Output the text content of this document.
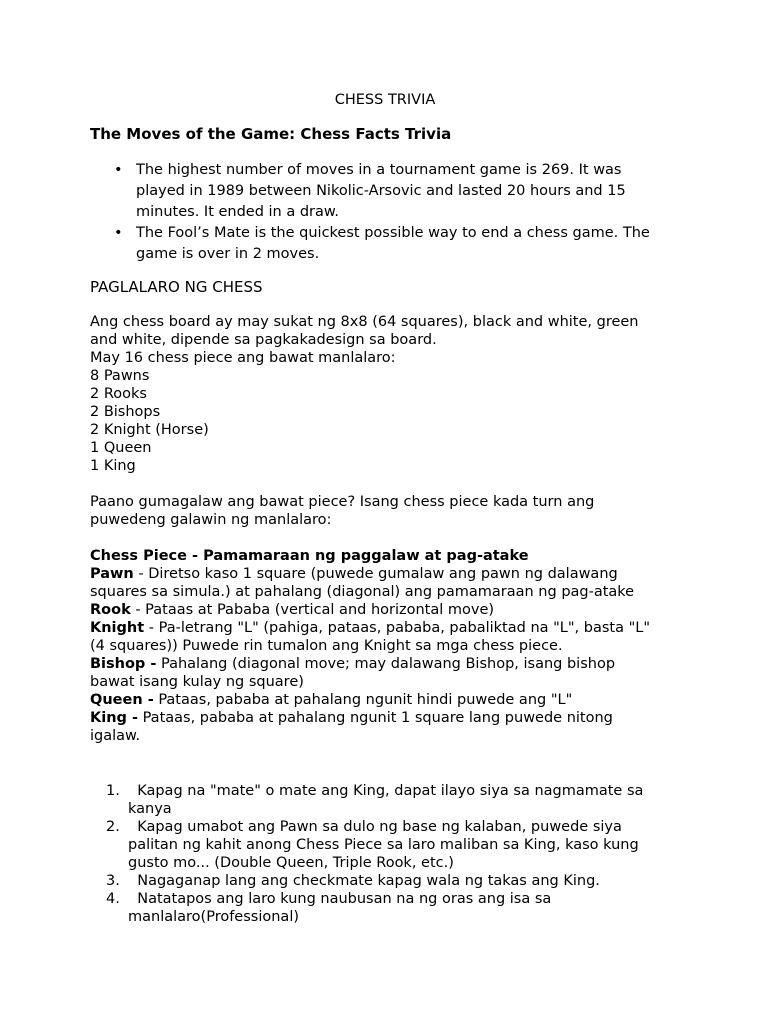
CHESS TRIVIA
The Moves of the Game: Chess Facts Trivia
• The highest number of moves in a tournament game is 269. It was
played in 1989 between Nikolic-Arsovic and lasted 20 hours and 15
minutes. It ended in a draw.
• The Fool’s Mate is the quickest possible way to end a chess game. The
game is over in 2 moves.
PAGLALARO NG CHESS
Ang chess board ay may sukat ng 8x8 (64 squares), black and white, green
and white, dipende sa pagkakadesign sa board.
May 16 chess piece ang bawat manlalaro:
8 Pawns
2 Rooks
2 Bishops
2 Knight (Horse)
1 Queen
1 King
Paano gumagalaw ang bawat piece? Isang chess piece kada turn ang
puwedeng galawin ng manlalaro:
Chess Piece - Pamamaraan ng paggalaw at pag-atake
Pawn - Diretso kaso 1 square (puwede gumalaw ang pawn ng dalawang
squares sa simula.) at pahalang (diagonal) ang pamamaraan ng pag-atake
Rook - Pataas at Pababa (vertical and horizontal move)
Knight - Pa-letrang "L" (pahiga, pataas, pababa, pabaliktad na "L", basta "L"
(4 squares)) Puwede rin tumalon ang Knight sa mga chess piece.
Bishop - Pahalang (diagonal move; may dalawang Bishop, isang bishop
bawat isang kulay ng square)
Queen - Pataas, pababa at pahalang ngunit hindi puwede ang "L"
King - Pataas, pababa at pahalang ngunit 1 square lang puwede nitong
igalaw.
1. Kapag na "mate" o mate ang King, dapat ilayo siya sa nagmamate sa
kanya
2. Kapag umabot ang Pawn sa dulo ng base ng kalaban, puwede siya
palitan ng kahit anong Chess Piece sa laro maliban sa King, kaso kung
gusto mo... (Double Queen, Triple Rook, etc.)
3. Nagaganap lang ang checkmate kapag wala ng takas ang King.
4. Natatapos ang laro kung naubusan na ng oras ang isa sa
manlalaro(Professional)
